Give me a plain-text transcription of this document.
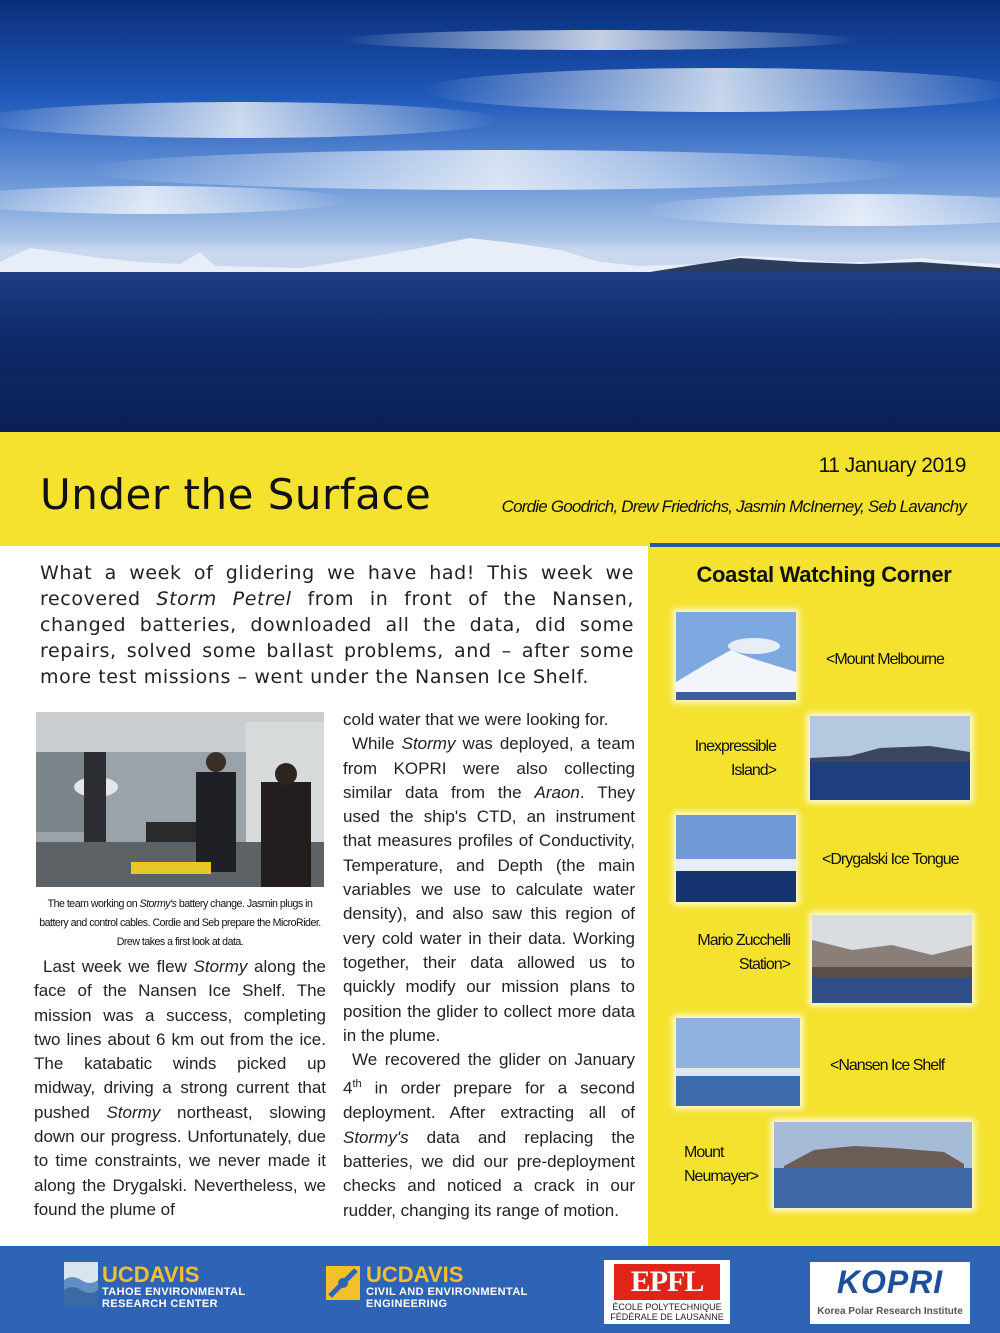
Under the Surface
11 January 2019
Cordie Goodrich, Drew Friedrichs, Jasmin McInerney, Seb Lavanchy
What a week of glidering we have had! This week we recovered Storm Petrel from in front of the Nansen, changed batteries, downloaded all the data, did some repairs, solved some ballast problems, and – after some more test missions – went under the Nansen Ice Shelf.
The team working on Stormy's battery change. Jasmin plugs in battery and control cables. Cordie and Seb prepare the MicroRider. Drew takes a first look at data.

Last week we flew Stormy along the face of the Nansen Ice Shelf. The mission was a success, completing two lines about 6 km out from the ice. The katabatic winds picked up midway, driving a strong current that pushed Stormy northeast, slowing down our progress. Unfortunately, due to time constraints, we never made it along the Drygalski. Nevertheless, we found the plume of

cold water that we were looking for.

While Stormy was deployed, a team from KOPRI were also collecting similar data from the Araon. They used the ship's CTD, an instrument that measures profiles of Conductivity, Temperature, and Depth (the main variables we use to calculate water density), and also saw this region of very cold water in their data. Working together, their data allowed us to quickly modify our mission plans to position the glider to collect more data in the plume.

We recovered the glider on January 4th in order prepare for a second deployment. After extracting all of Stormy's data and replacing the batteries, we did our pre-deployment checks and noticed a crack in our rudder, changing its range of motion.

Coastal Watching Corner
<Mount Melbourne
Inexpressible
Island>
<Drygalski Ice Tongue
Mario Zucchelli
Station>
<Nansen Ice Shelf
Mount
Neumayer>
UCDAVIS
TAHOE ENVIRONMENTAL
RESEARCH CENTER
UCDAVIS
CIVIL AND ENVIRONMENTAL
ENGINEERING
EPFL
ÉCOLE POLYTECHNIQUE
FÉDÉRALE DE LAUSANNE
KOPRI
Korea Polar Research Institute
